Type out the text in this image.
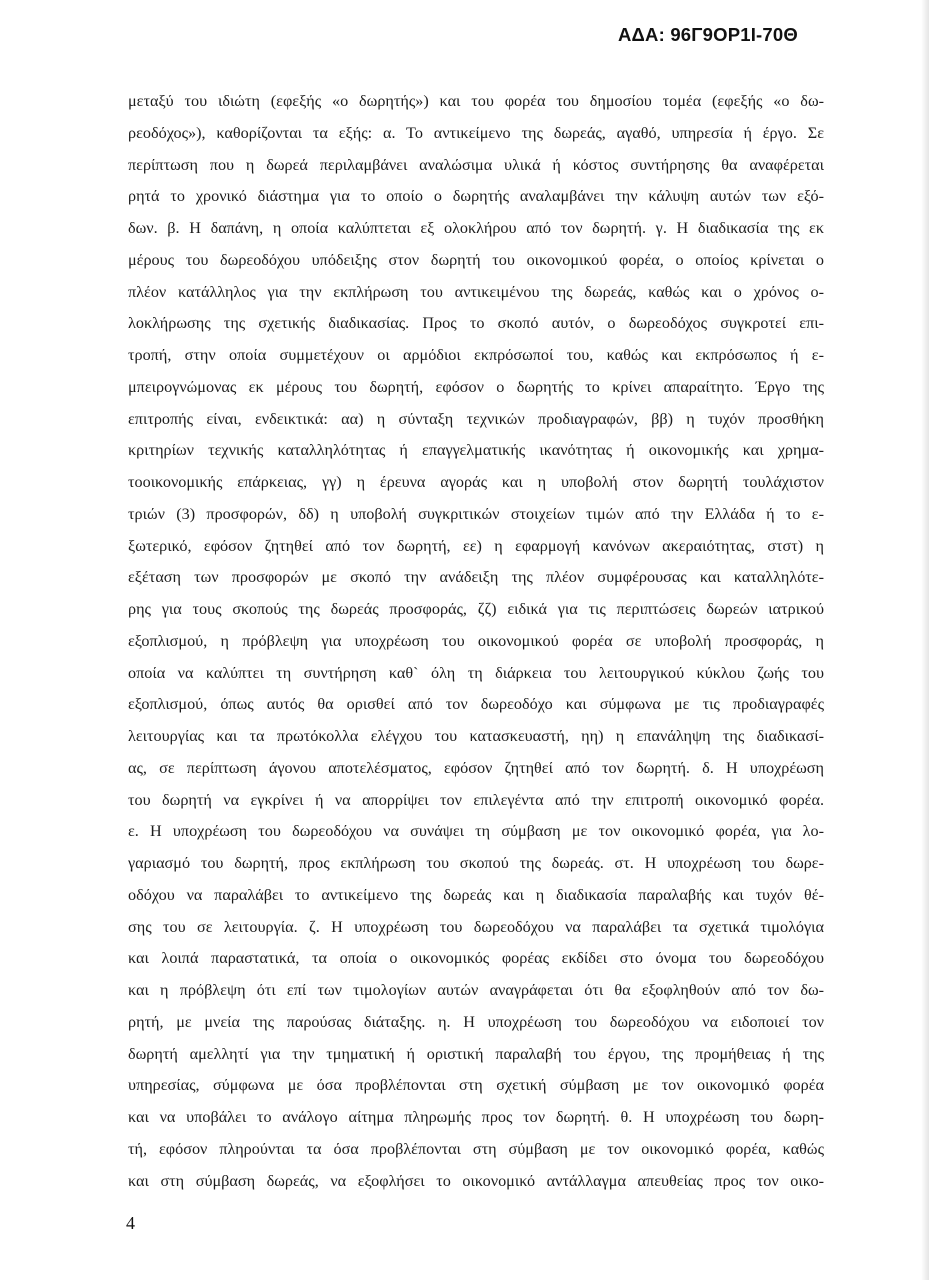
ΑΔΑ: 96Γ9ΟΡ1Ι-70Θ
μεταξύ του ιδιώτη (εφεξής «ο δωρητής») και του φορέα του δημοσίου τομέα (εφεξής «ο δω-
ρεοδόχος»), καθορίζονται τα εξής: α. Το αντικείμενο της δωρεάς, αγαθό, υπηρεσία ή έργο. Σε
περίπτωση που η δωρεά περιλαμβάνει αναλώσιμα υλικά ή κόστος συντήρησης θα αναφέρεται
ρητά το χρονικό διάστημα για το οποίο ο δωρητής αναλαμβάνει την κάλυψη αυτών των εξό-
δων. β. Η δαπάνη, η οποία καλύπτεται εξ ολοκλήρου από τον δωρητή. γ. Η διαδικασία της εκ
μέρους του δωρεοδόχου υπόδειξης στον δωρητή του οικονομικού φορέα, ο οποίος κρίνεται ο
πλέον κατάλληλος για την εκπλήρωση του αντικειμένου της δωρεάς, καθώς και ο χρόνος ο-
λοκλήρωσης της σχετικής διαδικασίας. Προς το σκοπό αυτόν, ο δωρεοδόχος συγκροτεί επι-
τροπή, στην οποία συμμετέχουν οι αρμόδιοι εκπρόσωποί του, καθώς και εκπρόσωπος ή ε-
μπειρογνώμονας εκ μέρους του δωρητή, εφόσον ο δωρητής το κρίνει απαραίτητο. Έργο της
επιτροπής είναι, ενδεικτικά: αα) η σύνταξη τεχνικών προδιαγραφών, ββ) η τυχόν προσθήκη
κριτηρίων τεχνικής καταλληλότητας ή επαγγελματικής ικανότητας ή οικονομικής και χρημα-
τοοικονομικής επάρκειας, γγ) η έρευνα αγοράς και η υποβολή στον δωρητή τουλάχιστον
τριών (3) προσφορών, δδ) η υποβολή συγκριτικών στοιχείων τιμών από την Ελλάδα ή το ε-
ξωτερικό, εφόσον ζητηθεί από τον δωρητή, εε) η εφαρμογή κανόνων ακεραιότητας, στστ) η
εξέταση των προσφορών με σκοπό την ανάδειξη της πλέον συμφέρουσας και καταλληλότε-
ρης για τους σκοπούς της δωρεάς προσφοράς, ζζ) ειδικά για τις περιπτώσεις δωρεών ιατρικού
εξοπλισμού, η πρόβλεψη για υποχρέωση του οικονομικού φορέα σε υποβολή προσφοράς, η
οποία να καλύπτει τη συντήρηση καθ` όλη τη διάρκεια του λειτουργικού κύκλου ζωής του
εξοπλισμού, όπως αυτός θα ορισθεί από τον δωρεοδόχο και σύμφωνα με τις προδιαγραφές
λειτουργίας και τα πρωτόκολλα ελέγχου του κατασκευαστή, ηη) η επανάληψη της διαδικασί-
ας, σε περίπτωση άγονου αποτελέσματος, εφόσον ζητηθεί από τον δωρητή. δ. Η υποχρέωση
του δωρητή να εγκρίνει ή να απορρίψει τον επιλεγέντα από την επιτροπή οικονομικό φορέα.
ε. Η υποχρέωση του δωρεοδόχου να συνάψει τη σύμβαση με τον οικονομικό φορέα, για λο-
γαριασμό του δωρητή, προς εκπλήρωση του σκοπού της δωρεάς. στ. Η υποχρέωση του δωρε-
οδόχου να παραλάβει το αντικείμενο της δωρεάς και η διαδικασία παραλαβής και τυχόν θέ-
σης του σε λειτουργία. ζ. Η υποχρέωση του δωρεοδόχου να παραλάβει τα σχετικά τιμολόγια
και λοιπά παραστατικά, τα οποία ο οικονομικός φορέας εκδίδει στο όνομα του δωρεοδόχου
και η πρόβλεψη ότι επί των τιμολογίων αυτών αναγράφεται ότι θα εξοφληθούν από τον δω-
ρητή, με μνεία της παρούσας διάταξης. η. Η υποχρέωση του δωρεοδόχου να ειδοποιεί τον
δωρητή αμελλητί για την τμηματική ή οριστική παραλαβή του έργου, της προμήθειας ή της
υπηρεσίας, σύμφωνα με όσα προβλέπονται στη σχετική σύμβαση με τον οικονομικό φορέα
και να υποβάλει το ανάλογο αίτημα πληρωμής προς τον δωρητή. θ. Η υποχρέωση του δωρη-
τή, εφόσον πληρούνται τα όσα προβλέπονται στη σύμβαση με τον οικονομικό φορέα, καθώς
και στη σύμβαση δωρεάς, να εξοφλήσει το οικονομικό αντάλλαγμα απευθείας προς τον οικο-
4
